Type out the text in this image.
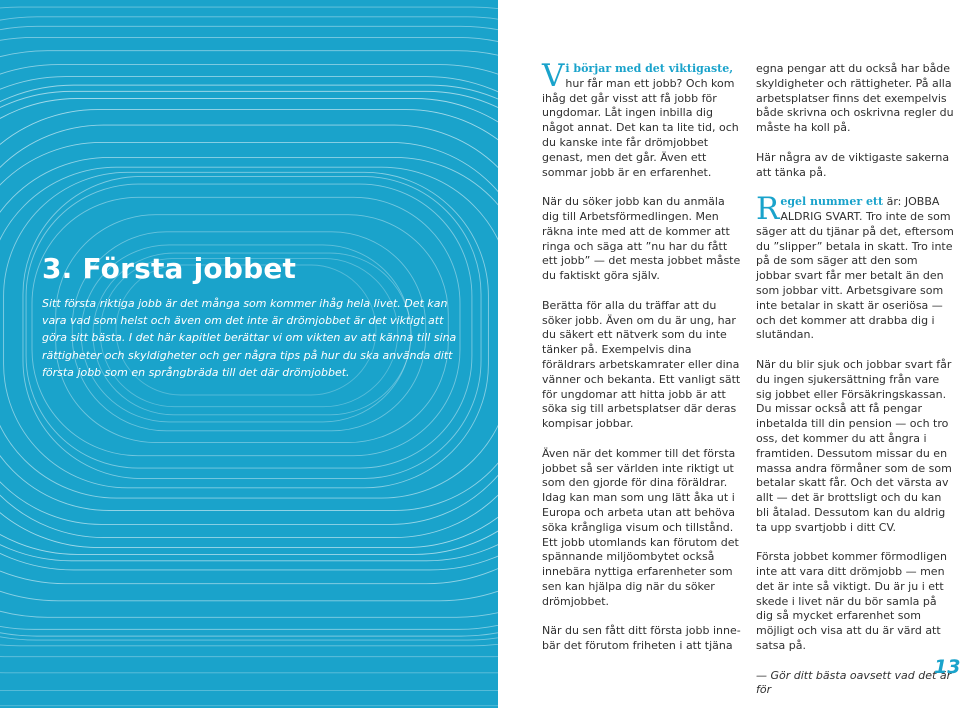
3. Första jobbet

Sitt första riktiga jobb är det många som kommer ihåg hela livet. Det kan vara vad som helst och även om det inte är drömjobbet är det viktigt att göra sitt bästa. I det här kapitlet berättar vi om vikten av att känna till sina rättigheter och skyldigheter och ger några tips på hur du ska använda ditt första jobb som en språngbräda till det där drömjobbet.

Vi börjar med det viktigaste, hur får man ett jobb? Och kom ihåg det går visst att få jobb för ungdomar. Låt ingen inbilla dig något annat. Det kan ta lite tid, och du kanske inte får drömjobbet genast, men det går. Även ett sommar jobb är en erfarenhet.

När du söker jobb kan du anmäla dig till Arbetsförmedlingen. Men räkna inte med att de kommer att ringa och säga att ”nu har du fått ett jobb” — det mesta jobbet måste du faktiskt göra själv.

Berätta för alla du träffar att du söker jobb. Även om du är ung, har du säkert ett nätverk som du inte tänker på. Exempelvis dina föräldrars arbetskamrater eller dina vänner och bekanta. Ett vanligt sätt för ungdomar att hitta jobb är att söka sig till arbetsplatser där deras kompisar jobbar.

Även när det kommer till det första jobbet så ser världen inte riktigt ut som den gjorde för dina föräldrar. Idag kan man som ung lätt åka ut i Europa och arbeta utan att behöva söka krångliga visum och tillstånd. Ett jobb utomlands kan förutom det spännande miljöombytet också innebära nyttiga erfarenheter som sen kan hjälpa dig när du söker drömjobbet.

När du sen fått ditt första jobb innebär det förutom friheten i att tjäna

egna pengar att du också har både skyldigheter och rättigheter. På alla arbetsplatser finns det exempelvis både skrivna och oskrivna regler du måste ha koll på.

Här några av de viktigaste sakerna att tänka på.

Regel nummer ett är: JOBBA ALDRIG SVART. Tro inte de som säger att du tjänar på det, eftersom du ”slipper” betala in skatt. Tro inte på de som säger att den som jobbar svart får mer betalt än den som jobbar vitt. Arbetsgivare som inte betalar in skatt är oseriösa — och det kommer att drabba dig i slutändan.

När du blir sjuk och jobbar svart får du ingen sjukersättning från vare sig jobbet eller Försäkringskassan. Du missar också att få pengar inbetalda till din pension — och tro oss, det kommer du att ångra i framtiden. Dessutom missar du en massa andra förmåner som de som betalar skatt får. Och det värsta av allt — det är brottsligt och du kan bli åtalad. Dessutom kan du aldrig ta upp svartjobb i ditt CV.

Första jobbet kommer förmodligen inte att vara ditt drömjobb — men det är inte så viktigt. Du är ju i ett skede i livet när du bör samla på dig så mycket erfarenhet som möjligt och visa att du är värd att satsa på.

— Gör ditt bästa oavsett vad det är för

13
